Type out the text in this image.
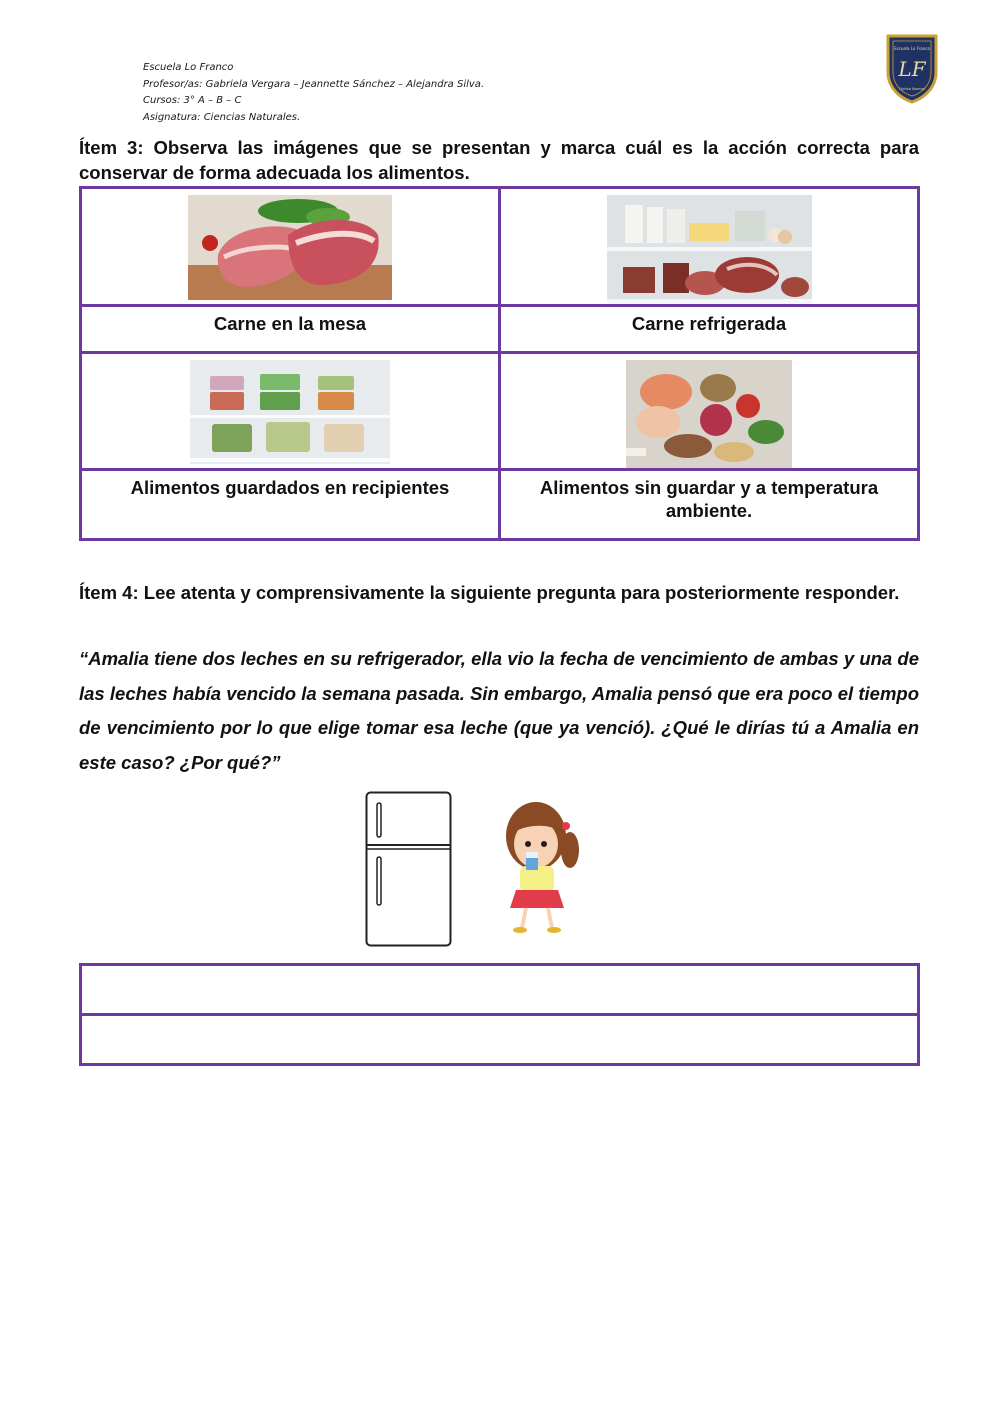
Escuela Lo Franco
Profesor/as: Gabriela Vergara – Jeannette Sánchez – Alejandra Silva.
Cursos: 3° A – B – C
Asignatura: Ciencias Naturales.
LF
Escuela Lo Franco
Quinta Normal
Ítem 3: Observa las imágenes que se presentan y marca cuál es la acción correcta para conservar de forma adecuada los alimentos.

Carne en la mesa	Carne refrigerada

Alimentos guardados en recipientes	Alimentos sin guardar y a temperatura ambiente.
Ítem 4: Lee atenta y comprensivamente la siguiente pregunta para posteriormente responder.
“Amalia tiene dos leches en su refrigerador, ella vio la fecha de vencimiento de ambas y una de las leches había vencido la semana pasada. Sin embargo, Amalia pensó que era poco el tiempo de vencimiento por lo que elige tomar esa leche (que ya venció). ¿Qué le dirías tú a Amalia en este caso? ¿Por qué?”
